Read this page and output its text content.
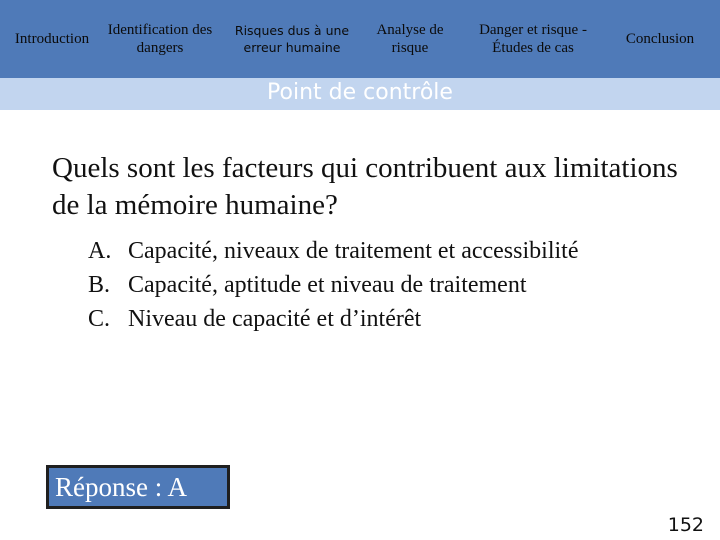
Introduction
Identification des dangers
Risques dus à une erreur humaine
Analyse de risque
Danger et risque - Études de cas
Conclusion
Point de contrôle
Quels sont les facteurs qui contribuent aux limitations de la mémoire humaine?
A. Capacité, niveaux de traitement et accessibilité
B. Capacité, aptitude et niveau de traitement
C. Niveau de capacité et d’intérêt
Réponse : A
152
